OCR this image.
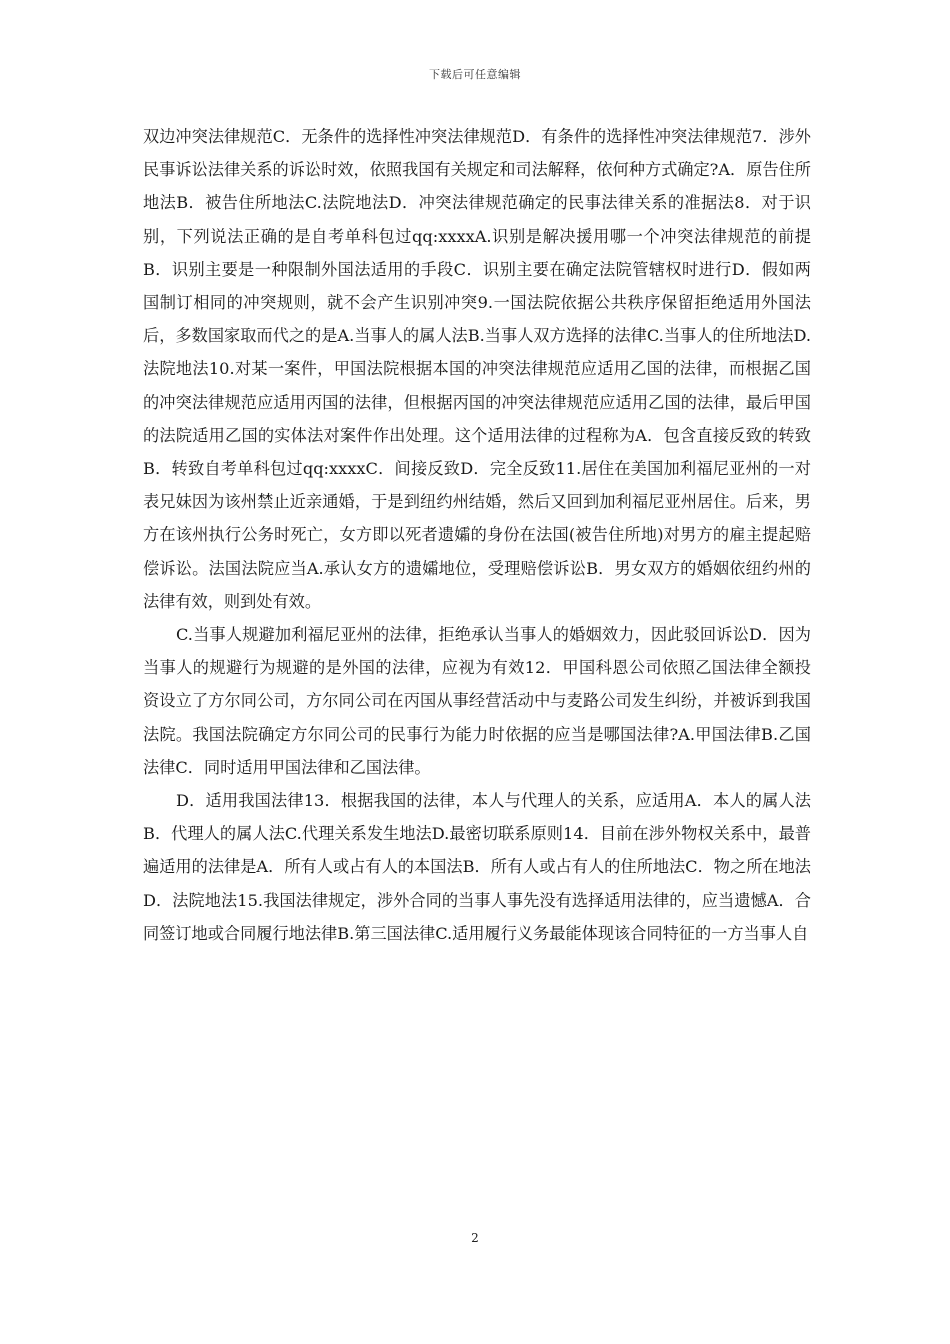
下载后可任意编辑

双边冲突法律规范C．无条件的选择性冲突法律规范D．有条件的选择性冲突法律规范7．涉外民事诉讼法律关系的诉讼时效，依照我国有关规定和司法解释，依何种方式确定?A．原告住所地法B．被告住所地法C.法院地法D．冲突法律规范确定的民事法律关系的准据法8．对于识别，下列说法正确的是自考单科包过qq:xxxxA.识别是解决援用哪一个冲突法律规范的前提B．识别主要是一种限制外国法适用的手段C．识别主要在确定法院管辖权时进行D．假如两国制订相同的冲突规则，就不会产生识别冲突9.一国法院依据公共秩序保留拒绝适用外国法后，多数国家取而代之的是A.当事人的属人法B.当事人双方选择的法律C.当事人的住所地法D.法院地法10.对某一案件，甲国法院根据本国的冲突法律规范应适用乙国的法律，而根据乙国的冲突法律规范应适用丙国的法律，但根据丙国的冲突法律规范应适用乙国的法律，最后甲国的法院适用乙国的实体法对案件作出处理。这个适用法律的过程称为A．包含直接反致的转致B．转致自考单科包过qq:xxxxC．间接反致D．完全反致11.居住在美国加利福尼亚州的一对表兄妹因为该州禁止近亲通婚，于是到纽约州结婚，然后又回到加利福尼亚州居住。后来，男方在该州执行公务时死亡，女方即以死者遗孀的身份在法国(被告住所地)对男方的雇主提起赔偿诉讼。法国法院应当A.承认女方的遗孀地位，受理赔偿诉讼B．男女双方的婚姻依纽约州的法律有效，则到处有效。

C.当事人规避加利福尼亚州的法律，拒绝承认当事人的婚姻效力，因此驳回诉讼D．因为当事人的规避行为规避的是外国的法律，应视为有效12．甲国科恩公司依照乙国法律全额投资设立了方尔同公司，方尔同公司在丙国从事经营活动中与麦路公司发生纠纷，并被诉到我国法院。我国法院确定方尔同公司的民事行为能力时依据的应当是哪国法律?A.甲国法律B.乙国法律C．同时适用甲国法律和乙国法律。

D．适用我国法律13．根据我国的法律，本人与代理人的关系，应适用A．本人的属人法B．代理人的属人法C.代理关系发生地法D.最密切联系原则14．目前在涉外物权关系中，最普遍适用的法律是A．所有人或占有人的本国法B．所有人或占有人的住所地法C．物之所在地法D．法院地法15.我国法律规定，涉外合同的当事人事先没有选择适用法律的，应当遗憾A．合同签订地或合同履行地法律B.第三国法律C.适用履行义务最能体现该合同特征的一方当事人自

2
